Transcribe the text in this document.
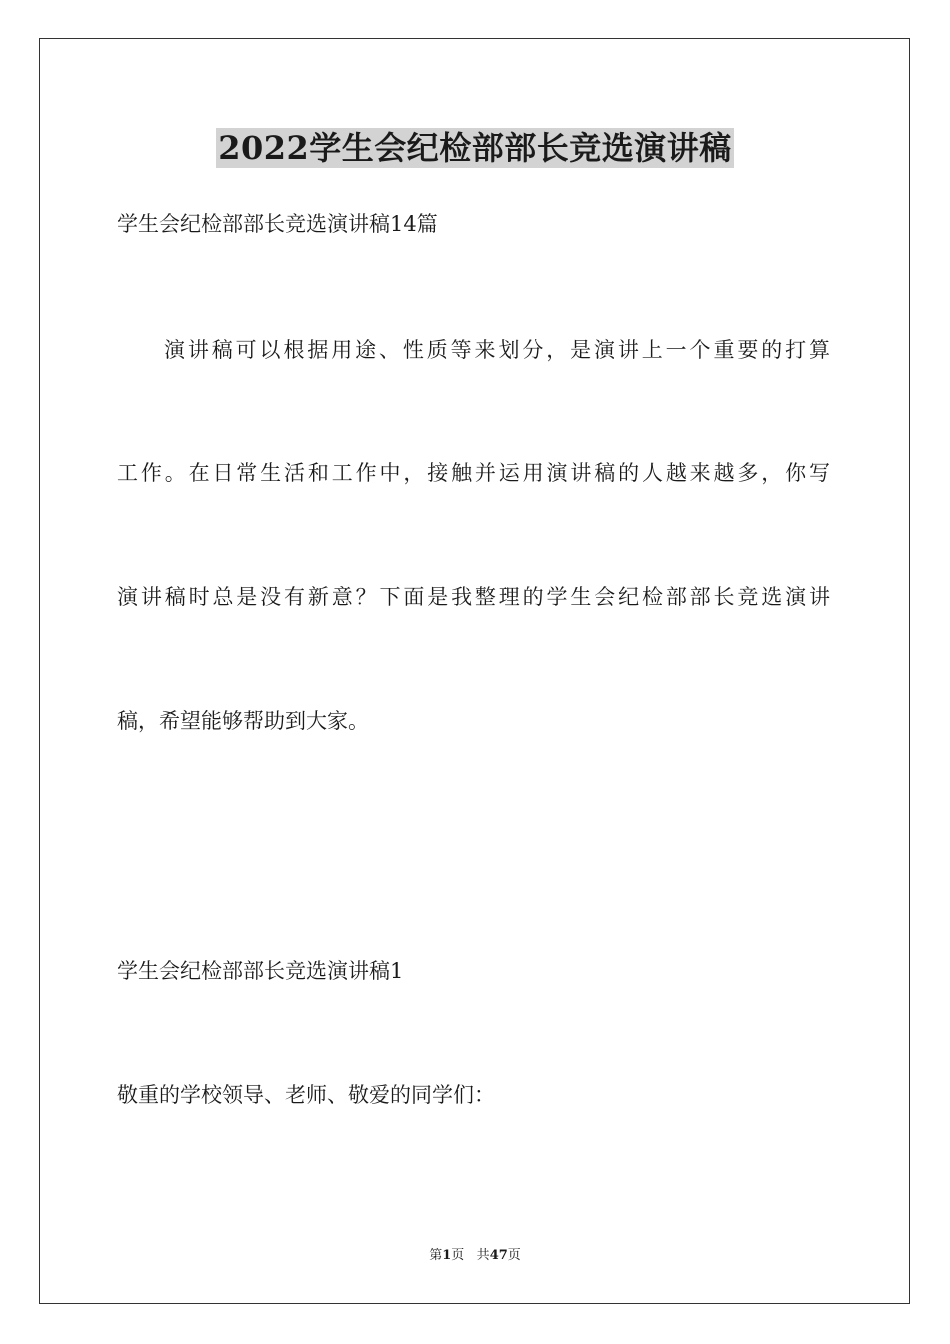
2022学生会纪检部部长竞选演讲稿
学生会纪检部部长竞选演讲稿14篇
演讲稿可以根据用途、性质等来划分，是演讲上一个重要的打算
工作。在日常生活和工作中，接触并运用演讲稿的人越来越多，你写
演讲稿时总是没有新意？下面是我整理的学生会纪检部部长竞选演讲
稿，希望能够帮助到大家。
学生会纪检部部长竞选演讲稿1
敬重的学校领导、老师、敬爱的同学们：
第1页 共47页
